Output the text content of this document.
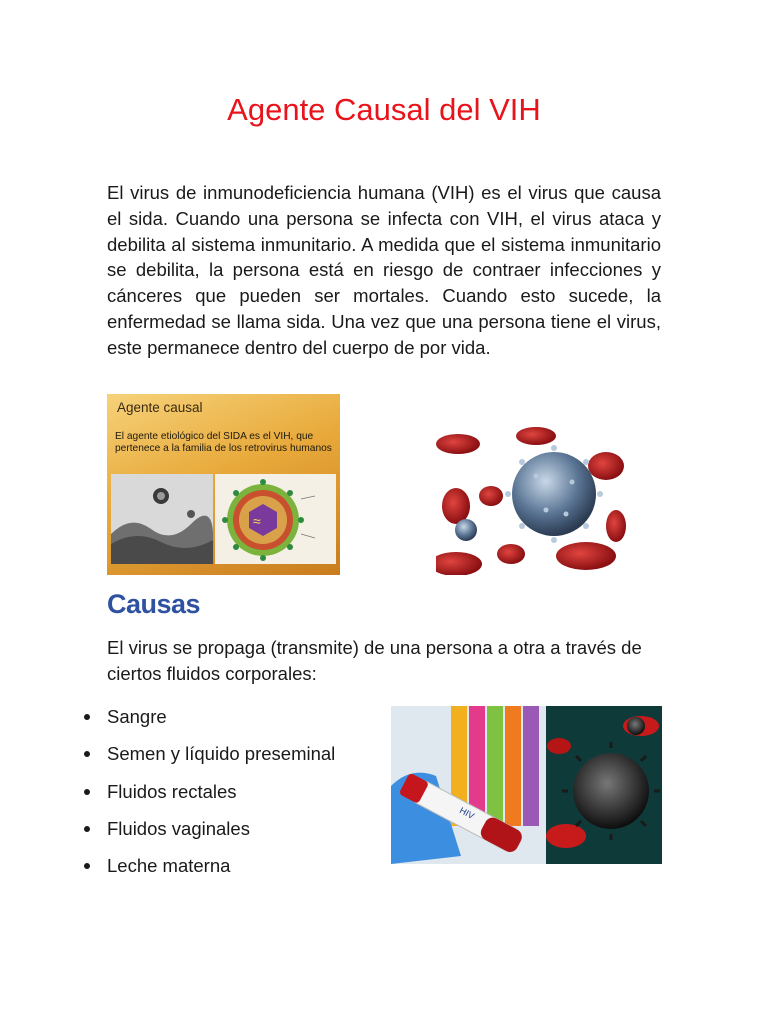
Agente Causal del VIH

El virus de inmunodeficiencia humana (VIH) es el virus que causa el sida. Cuando una persona se infecta con VIH, el virus ataca y debilita al sistema inmunitario. A medida que el sistema inmunitario se debilita, la persona está en riesgo de contraer infecciones y cánceres que pueden ser mortales. Cuando esto sucede, la enfermedad se llama sida. Una vez que una persona tiene el virus, este permanece dentro del cuerpo de por vida.

Agente causal
El agente etiológico del SIDA es el VIH, que pertenece a la familia de los retrovirus humanos
≈
Causas

El virus se propaga (transmite) de una persona a otra a través de ciertos fluidos corporales:

Sangre
Semen y líquido preseminal
Fluidos rectales
Fluidos vaginales
Leche materna
HIV
